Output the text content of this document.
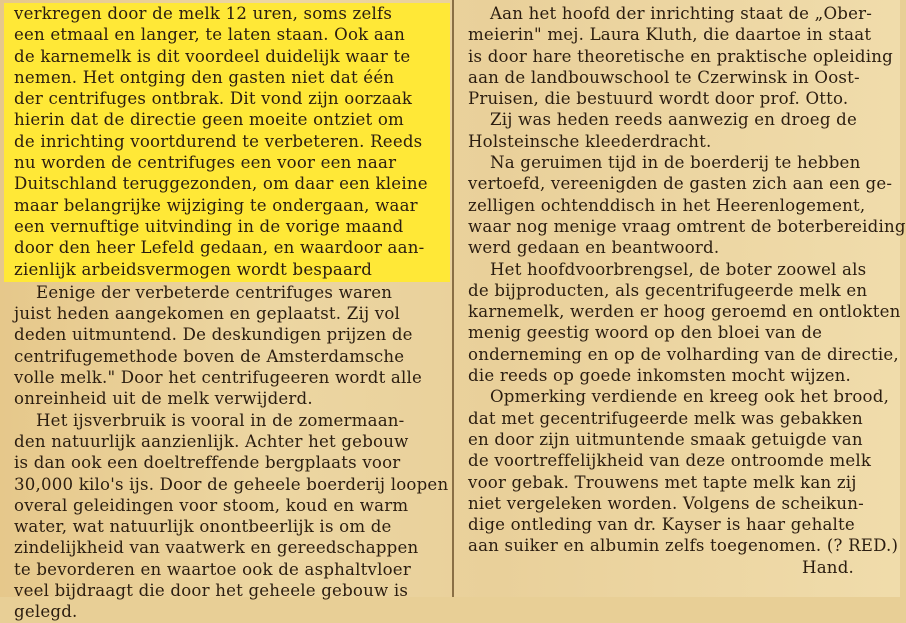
verkregen door de melk 12 uren, soms zelfs
een etmaal en langer, te laten staan. Ook aan
de karnemelk is dit voordeel duidelijk waar te
nemen. Het ontging den gasten niet dat één
der centrifuges ontbrak. Dit vond zijn oorzaak
hierin dat de directie geen moeite ontziet om
de inrichting voortdurend te verbeteren. Reeds
nu worden de centrifuges een voor een naar
Duitschland teruggezonden, om daar een kleine
maar belangrijke wijziging te ondergaan, waar
een vernuftige uitvinding in de vorige maand
door den heer Lefeld gedaan, en waardoor aan-
zienlijk arbeidsvermogen wordt bespaard
Eenige der verbeterde centrifuges waren
juist heden aangekomen en geplaatst. Zij vol
deden uitmuntend. De deskundigen prijzen de
centrifugemethode boven de Amsterdamsche
volle melk." Door het centrifugeeren wordt alle
onreinheid uit de melk verwijderd.
Het ijsverbruik is vooral in de zomermaan-
den natuurlijk aanzienlijk. Achter het gebouw
is dan ook een doeltreffende bergplaats voor
30,000 kilo's ijs. Door de geheele boerderij loopen
overal geleidingen voor stoom, koud en warm
water, wat natuurlijk onontbeerlijk is om de
zindelijkheid van vaatwerk en gereedschappen
te bevorderen en waartoe ook de asphaltvloer
veel bijdraagt die door het geheele gebouw is
gelegd.
Aan het hoofd der inrichting staat de „Ober-
meierin" mej. Laura Kluth, die daartoe in staat
is door hare theoretische en praktische opleiding
aan de landbouwschool te Czerwinsk in Oost-
Pruisen, die bestuurd wordt door prof. Otto.
Zij was heden reeds aanwezig en droeg de
Holsteinsche kleederdracht.
Na geruimen tijd in de boerderij te hebben
vertoefd, vereenigden de gasten zich aan een ge-
zelligen ochtenddisch in het Heerenlogement,
waar nog menige vraag omtrent de boterbereiding
werd gedaan en beantwoord.
Het hoofdvoorbrengsel, de boter zoowel als
de bijproducten, als gecentrifugeerde melk en
karnemelk, werden er hoog geroemd en ontlokten
menig geestig woord op den bloei van de
onderneming en op de volharding van de directie,
die reeds op goede inkomsten mocht wijzen.
Opmerking verdiende en kreeg ook het brood,
dat met gecentrifugeerde melk was gebakken
en door zijn uitmuntende smaak getuigde van
de voortreffelijkheid van deze ontroomde melk
voor gebak. Trouwens met tapte melk kan zij
niet vergeleken worden. Volgens de scheikun-
dige ontleding van dr. Kayser is haar gehalte
aan suiker en albumin zelfs toegenomen. (? RED.)
Hand.
